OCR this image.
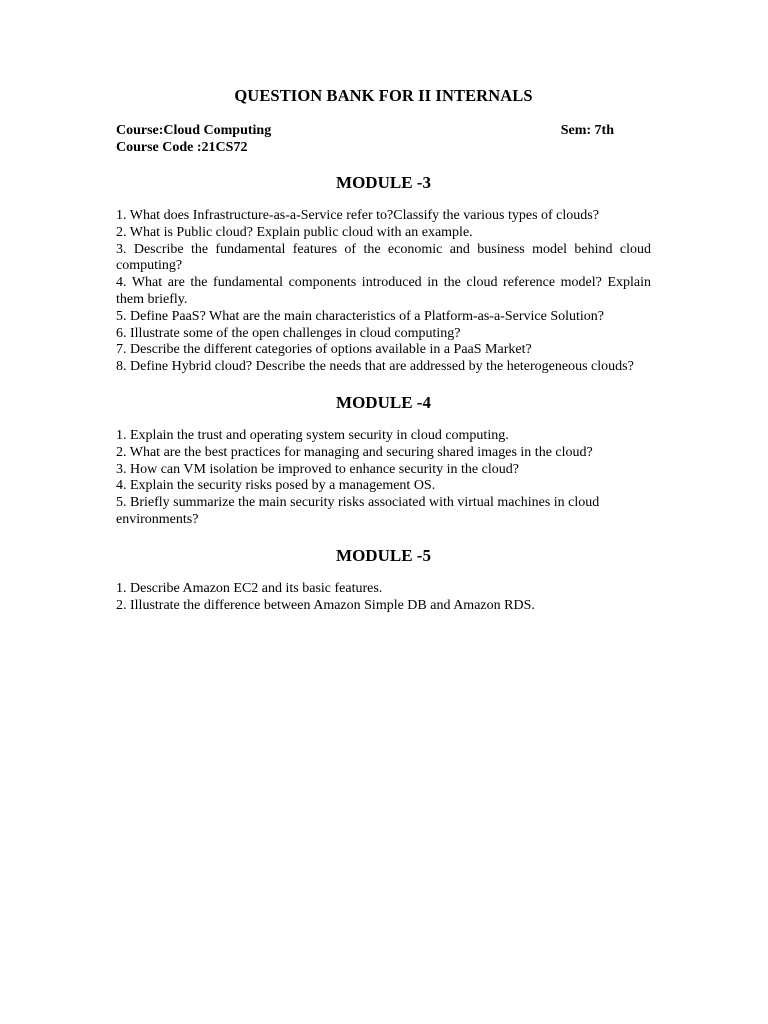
QUESTION BANK FOR II INTERNALS
Course:Cloud Computing	Sem: 7th
Course Code :21CS72
MODULE -3
1. What does Infrastructure-as-a-Service refer to?Classify the various types of clouds?
2. What is Public cloud? Explain public cloud with an example.
3. Describe the fundamental features of the economic and business model behind cloud computing?
4. What are the fundamental components introduced in the cloud reference model? Explain them briefly.
5. Define PaaS? What are the main characteristics of a Platform-as-a-Service Solution?
6. Illustrate some of the open challenges in cloud computing?
7. Describe the different categories of options available in a PaaS Market?
8. Define Hybrid cloud? Describe the needs that are addressed by the heterogeneous clouds?
MODULE -4
1. Explain the trust and operating system security in cloud computing.
2. What are the best practices for managing and securing shared images in the cloud?
3. How can VM isolation be improved to enhance security in the cloud?
4. Explain the security risks posed by a management OS.
5. Briefly summarize the main security risks associated with virtual machines in cloud environments?
MODULE -5
1. Describe Amazon EC2 and its basic features.
2. Illustrate the difference between Amazon Simple DB and Amazon RDS.
